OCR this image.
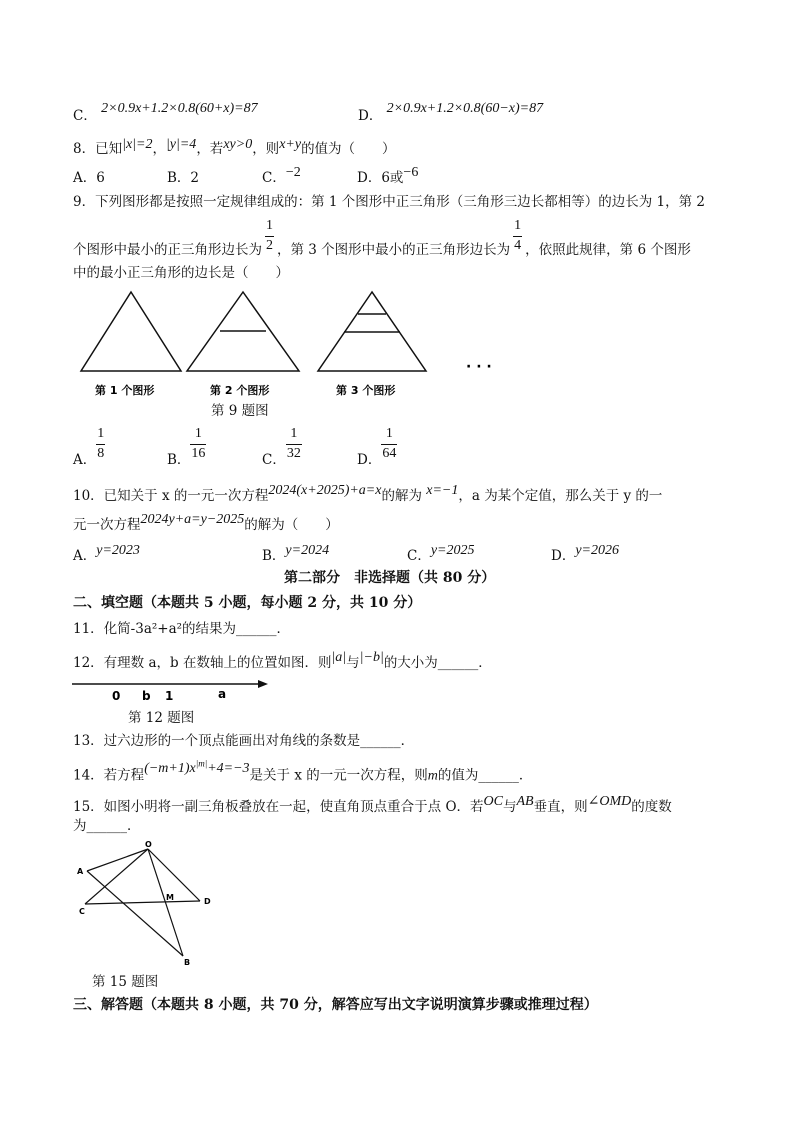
C． 2×0.9x+1.2×0.8(60+x)=87	D． 2×0.9x+1.2×0.8(60−x)=87
8．已知|x|=2，|y|=4，若xy>0，则x+y的值为（　　）
A．6	B．2	C．−2	D．6或−6
9．下列图形都是按照一定规律组成的：第 1 个图形中正三角形（三角形三边长都相等）的边长为 1，第 2
个图形中最小的正三角形边长为 $\frac{1}{2}$ ，第 3 个图形中最小的正三角形边长为 $\frac{1}{4}$ ，依照此规律，第 6 个图形
中的最小正三角形的边长是（　　）
· · ·
第 1 个图形	第 2 个图形	第 3 个图形
第 9 题图
A． $\frac{1}{8}$	B． $\frac{1}{16}$	C． $\frac{1}{32}$	D． $\frac{1}{64}$
10．已知关于 x 的一元一次方程2024(x+2025)+a=x的解为 x=−1，a 为某个定值，那么关于 y 的一
元一次方程2024y+a=y−2025的解为（　　）
A．y=2023	B．y=2024	C．y=2025	D．y=2026
第二部分　非选择题（共 80 分）
二、填空题（本题共 5 小题，每小题 2 分，共 10 分）
11．化简-3a²+a²的结果为______．
12．有理数 a，b 在数轴上的位置如图．则|a|与|−b|的大小为______．
0 b 1	a
第 12 题图
13．过六边形的一个顶点能画出对角线的条数是______．
14．若方程$(-m+1)x^{|m|}+4=-3$是关于 x 的一元一次方程，则m的值为______．
15．如图小明将一副三角板叠放在一起，使直角顶点重合于点 O．若OC与AB垂直，则∠OMD的度数
为______．
O
A
M
C
D
B
第 15 题图
三、解答题（本题共 8 小题，共 70 分，解答应写出文字说明演算步骤或推理过程）
